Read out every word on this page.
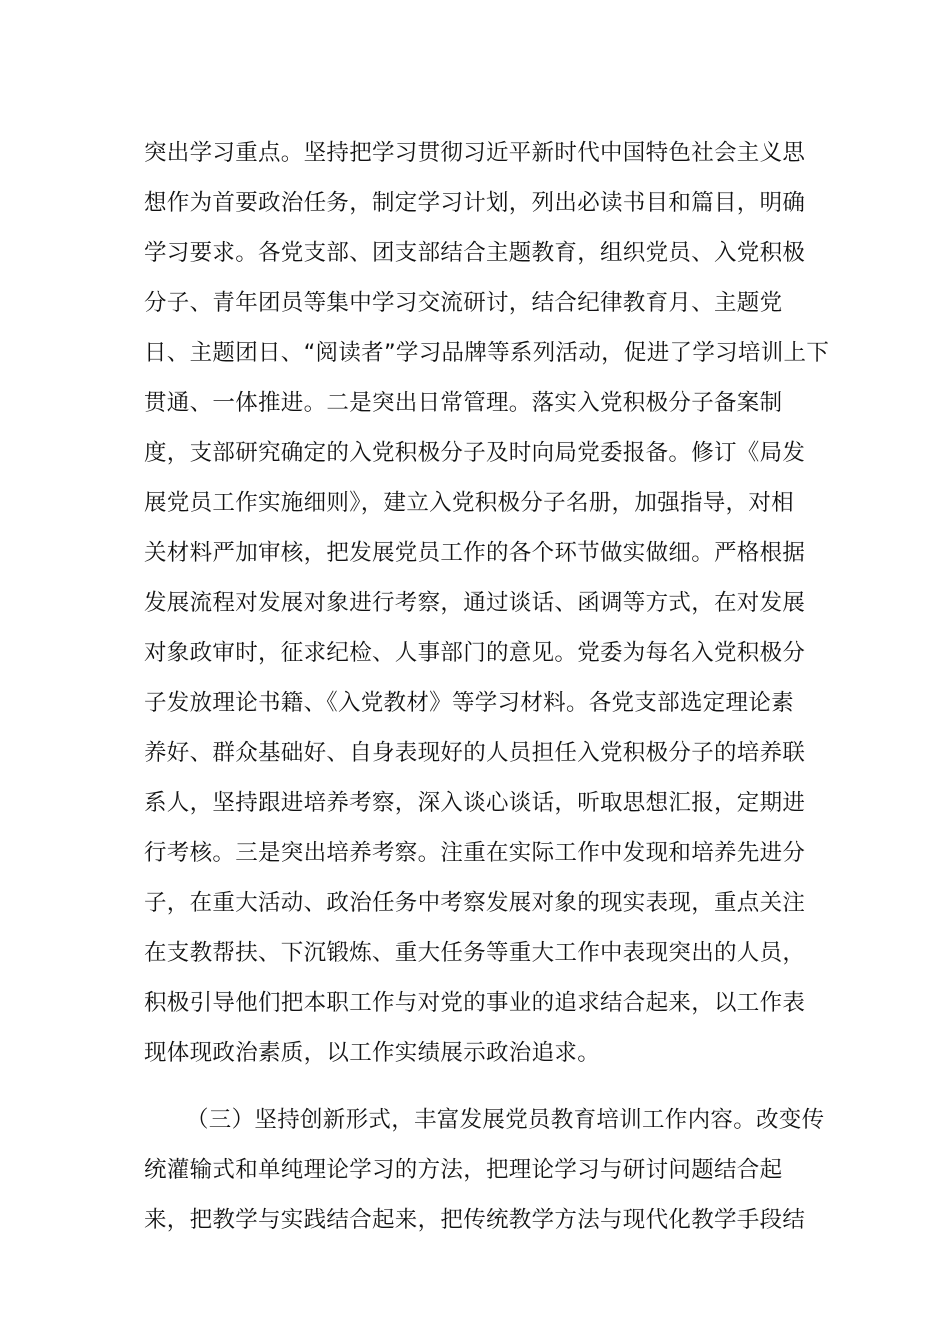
突出学习重点。坚持把学习贯彻习近平新时代中国特色社会主义思
想作为首要政治任务，制定学习计划，列出必读书目和篇目，明确
学习要求。各党支部、团支部结合主题教育，组织党员、入党积极
分子、青年团员等集中学习交流研讨，结合纪律教育月、主题党
日、主题团日、“阅读者”学习品牌等系列活动，促进了学习培训上下
贯通、一体推进。二是突出日常管理。落实入党积极分子备案制
度，支部研究确定的入党积极分子及时向局党委报备。修订《局发
展党员工作实施细则》，建立入党积极分子名册，加强指导，对相
关材料严加审核，把发展党员工作的各个环节做实做细。严格根据
发展流程对发展对象进行考察，通过谈话、函调等方式，在对发展
对象政审时，征求纪检、人事部门的意见。党委为每名入党积极分
子发放理论书籍、《入党教材》等学习材料。各党支部选定理论素
养好、群众基础好、自身表现好的人员担任入党积极分子的培养联
系人，坚持跟进培养考察，深入谈心谈话，听取思想汇报，定期进
行考核。三是突出培养考察。注重在实际工作中发现和培养先进分
子，在重大活动、政治任务中考察发展对象的现实表现，重点关注
在支教帮扶、下沉锻炼、重大任务等重大工作中表现突出的人员，
积极引导他们把本职工作与对党的事业的追求结合起来，以工作表
现体现政治素质，以工作实绩展示政治追求。
（三）坚持创新形式，丰富发展党员教育培训工作内容。改变传
统灌输式和单纯理论学习的方法，把理论学习与研讨问题结合起
来，把教学与实践结合起来，把传统教学方法与现代化教学手段结
